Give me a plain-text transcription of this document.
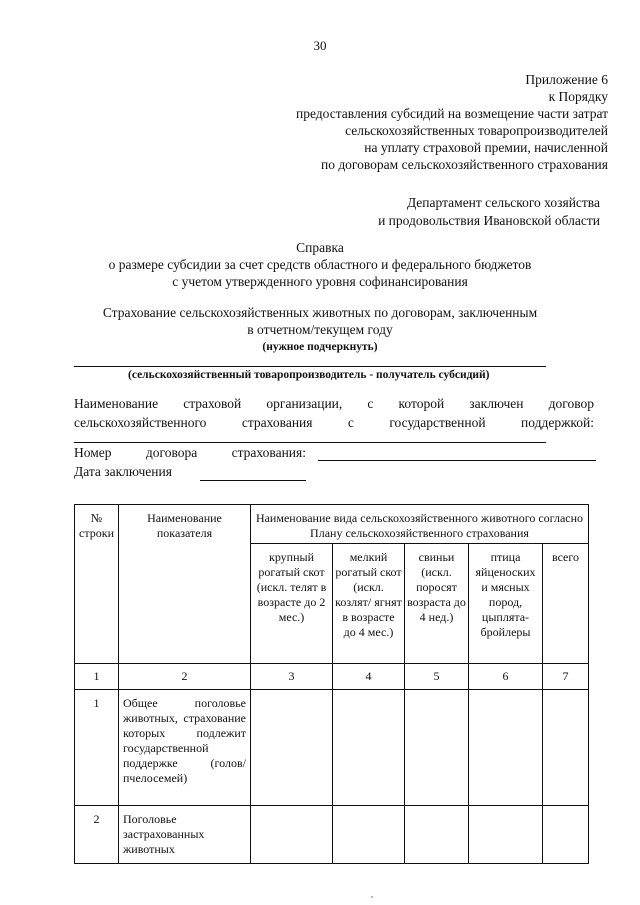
30
Приложение 6
к Порядку
предоставления субсидий на возмещение части затрат
сельскохозяйственных товаропроизводителей
на уплату страховой премии, начисленной
по договорам сельскохозяйственного страхования
Департамент сельского хозяйства
и продовольствия Ивановской области
Справка
о размере субсидии за счет средств областного и федерального бюджетов
с учетом утвержденного уровня софинансирования
Страхование сельскохозяйственных животных по договорам, заключенным
в отчетном/текущем году
(нужное подчеркнуть)
(сельскохозяйственный товаропроизводитель - получатель субсидий)
Наименование страховой организации, с которой заключен договор
сельскохозяйственного страхования с государственной поддержкой:
Номер договора страхования:
Дата заключения
№ строки	Наименование показателя	Наименование вида сельскохозяйственного животного согласно Плану сельскохозяйственного страхования				
		крупный рогатый скот (искл. телят в возрасте до 2 мес.)	мелкий рогатый скот (искл. козлят/ ягнят в возрасте до 4 мес.)	свиньи (искл. поросят возраста до 4 нед.)	птица яйценоских и мясных пород, цыплята-бройлеры	всего
1	2	3	4	5	6	7
1	Общее поголовье животных, страхование которых подлежит государственной поддержке (голов/пчелосемей)					
2	Поголовье застрахованных животных					
